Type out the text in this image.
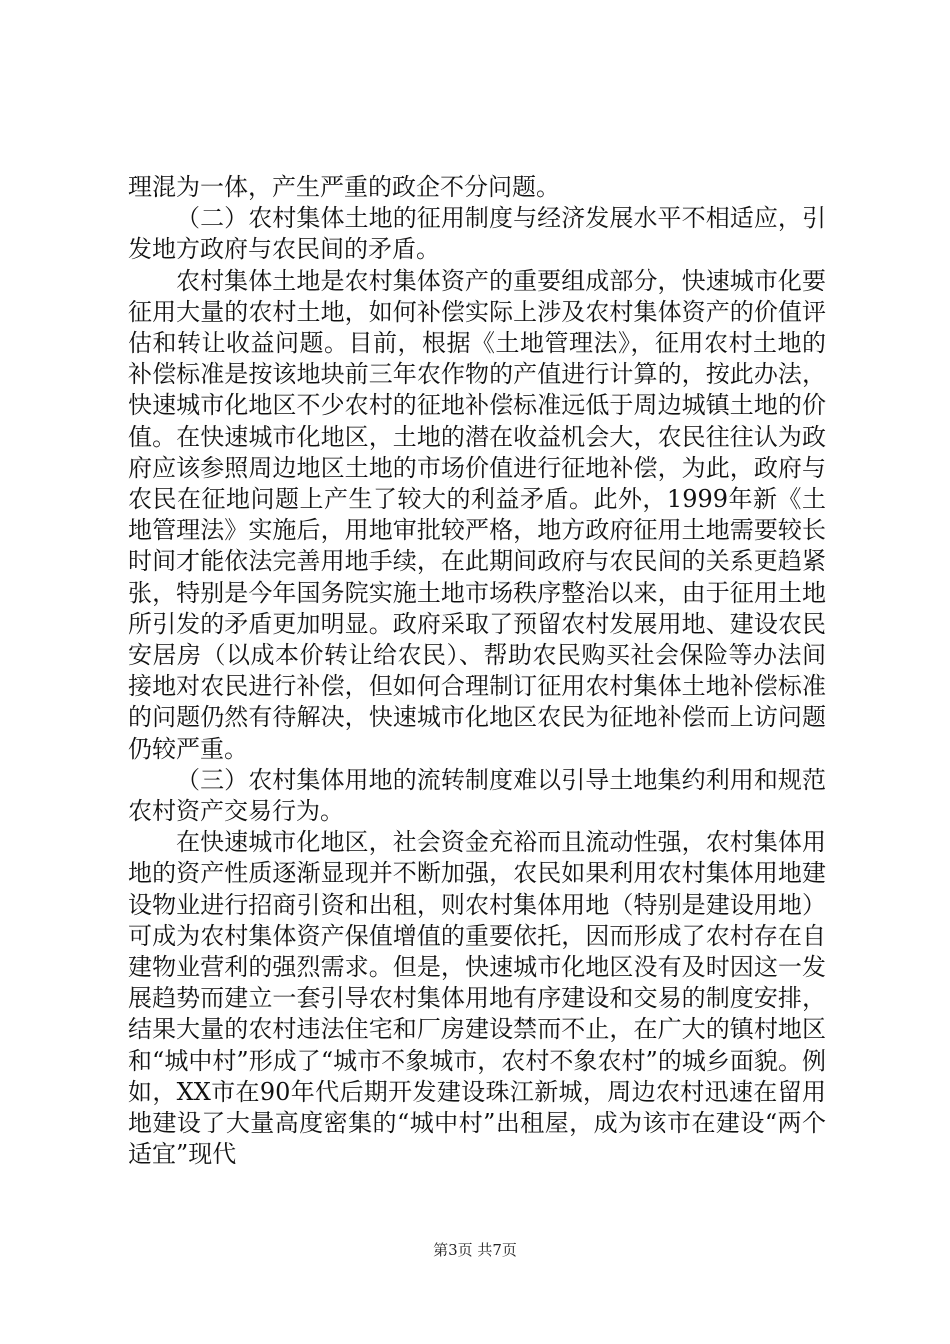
理混为一体，产生严重的政企不分问题。

（二）农村集体土地的征用制度与经济发展水平不相适应，引发地方政府与农民间的矛盾。

农村集体土地是农村集体资产的重要组成部分，快速城市化要征用大量的农村土地，如何补偿实际上涉及农村集体资产的价值评估和转让收益问题。目前，根据《土地管理法》，征用农村土地的补偿标准是按该地块前三年农作物的产值进行计算的，按此办法，快速城市化地区不少农村的征地补偿标准远低于周边城镇土地的价值。在快速城市化地区，土地的潜在收益机会大，农民往往认为政府应该参照周边地区土地的市场价值进行征地补偿，为此，政府与农民在征地问题上产生了较大的利益矛盾。此外，1999年新《土地管理法》实施后，用地审批较严格，地方政府征用土地需要较长时间才能依法完善用地手续，在此期间政府与农民间的关系更趋紧张，特别是今年国务院实施土地市场秩序整治以来，由于征用土地所引发的矛盾更加明显。政府采取了预留农村发展用地、建设农民安居房（以成本价转让给农民）、帮助农民购买社会保险等办法间接地对农民进行补偿，但如何合理制订征用农村集体土地补偿标准的问题仍然有待解决，快速城市化地区农民为征地补偿而上访问题仍较严重。

（三）农村集体用地的流转制度难以引导土地集约利用和规范农村资产交易行为。

在快速城市化地区，社会资金充裕而且流动性强，农村集体用地的资产性质逐渐显现并不断加强，农民如果利用农村集体用地建设物业进行招商引资和出租，则农村集体用地（特别是建设用地）可成为农村集体资产保值增值的重要依托，因而形成了农村存在自建物业营利的强烈需求。但是，快速城市化地区没有及时因这一发展趋势而建立一套引导农村集体用地有序建设和交易的制度安排，结果大量的农村违法住宅和厂房建设禁而不止，在广大的镇村地区和“城中村”形成了“城市不象城市，农村不象农村”的城乡面貌。例如，XX市在90年代后期开发建设珠江新城，周边农村迅速在留用地建设了大量高度密集的“城中村”出租屋，成为该市在建设“两个适宜”现代

第3页 共7页
